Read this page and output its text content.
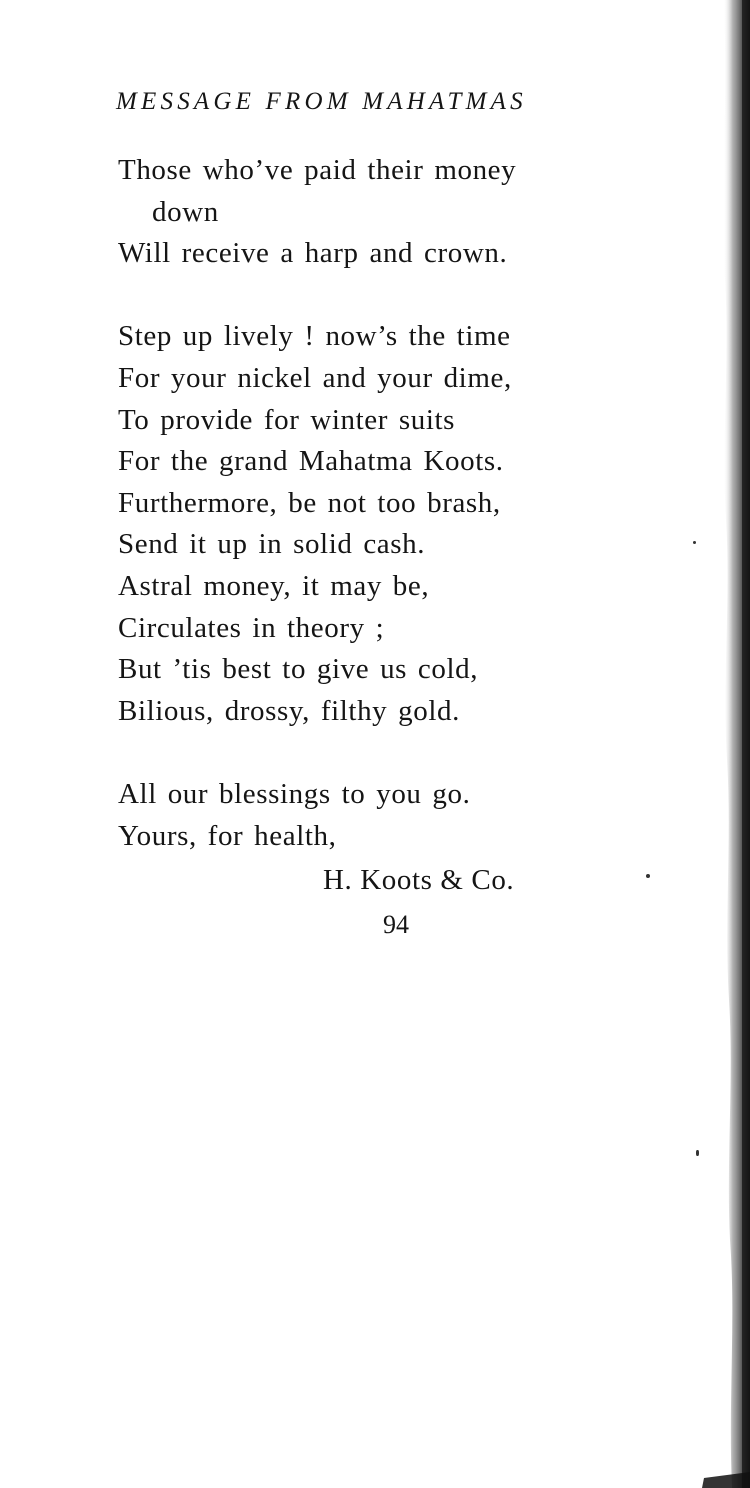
MESSAGE FROM MAHATMAS
Those who’ve paid their money
down
Will receive a harp and crown.
Step up lively ! now’s the time
For your nickel and your dime,
To provide for winter suits
For the grand Mahatma Koots.
Furthermore, be not too brash,
Send it up in solid cash.
Astral money, it may be,
Circulates in theory ;
But ’tis best to give us cold,
Bilious, drossy, filthy gold.
All our blessings to you go.
Yours, for health,
H. Koots & Co.
94
